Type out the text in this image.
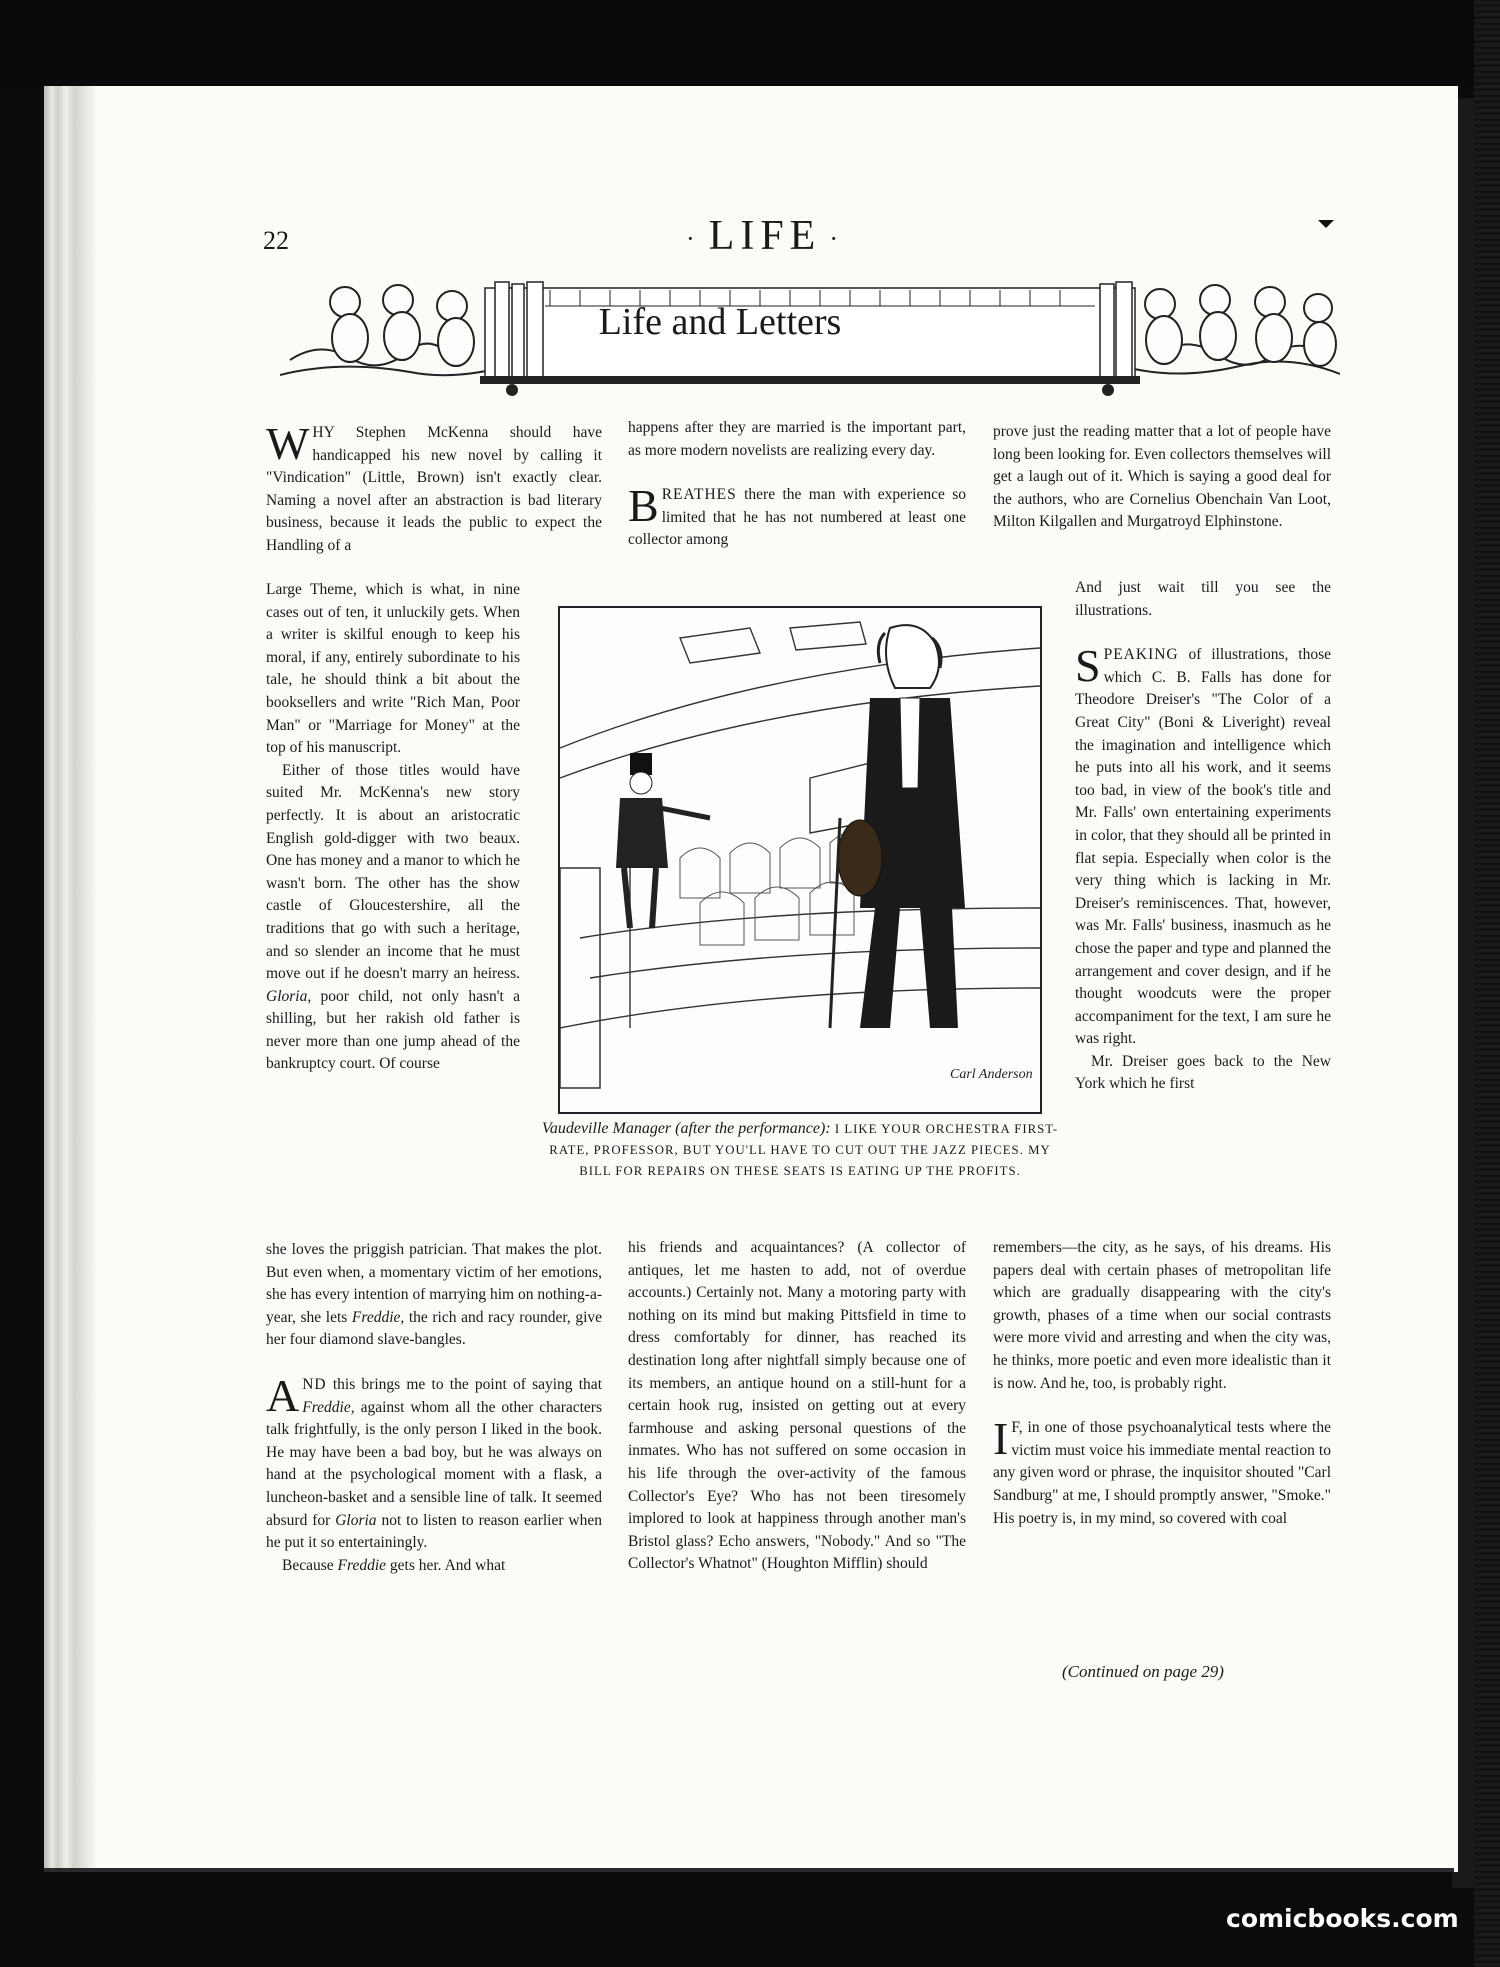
22	· LIFE ·
Life and Letters

WHY Stephen McKenna should have handicapped his new novel by calling it "Vindication" (Little, Brown) isn't exactly clear. Naming a novel after an abstraction is bad literary business, because it leads the public to expect the Handling of a

Large Theme, which is what, in nine cases out of ten, it unluckily gets. When a writer is skilful enough to keep his moral, if any, entirely subordinate to his tale, he should think a bit about the booksellers and write "Rich Man, Poor Man" or "Marriage for Money" at the top of his manuscript.

Either of those titles would have suited Mr. McKenna's new story perfectly. It is about an aristocratic English gold-digger with two beaux. One has money and a manor to which he wasn't born. The other has the show castle of Gloucestershire, all the traditions that go with such a heritage, and so slender an income that he must move out if he doesn't marry an heiress. Gloria, poor child, not only hasn't a shilling, but her rakish old father is never more than one jump ahead of the bankruptcy court. Of course

she loves the priggish patrician. That makes the plot. But even when, a momentary victim of her emotions, she has every intention of marrying him on nothing-a-year, she lets Freddie, the rich and racy rounder, give her four diamond slave-bangles.

AND this brings me to the point of saying that Freddie, against whom all the other characters talk frightfully, is the only person I liked in the book. He may have been a bad boy, but he was always on hand at the psychological moment with a flask, a luncheon-basket and a sensible line of talk. It seemed absurd for Gloria not to listen to reason earlier when he put it so entertainingly.

Because Freddie gets her. And what

happens after they are married is the important part, as more modern novelists are realizing every day.

BREATHES there the man with experience so limited that he has not numbered at least one collector among

his friends and acquaintances? (A collector of antiques, let me hasten to add, not of overdue accounts.) Certainly not. Many a motoring party with nothing on its mind but making Pittsfield in time to dress comfortably for dinner, has reached its destination long after nightfall simply because one of its members, an antique hound on a still-hunt for a certain hook rug, insisted on getting out at every farmhouse and asking personal questions of the inmates. Who has not suffered on some occasion in his life through the over-activity of the famous Collector's Eye? Who has not been tiresomely implored to look at happiness through another man's Bristol glass? Echo answers, "Nobody." And so "The Collector's Whatnot" (Houghton Mifflin) should

prove just the reading matter that a lot of people have long been looking for. Even collectors themselves will get a laugh out of it. Which is saying a good deal for the authors, who are Cornelius Obenchain Van Loot, Milton Kilgallen and Murgatroyd Elphinstone.

And just wait till you see the illustrations.

SPEAKING of illustrations, those which C. B. Falls has done for Theodore Dreiser's "The Color of a Great City" (Boni & Liveright) reveal the imagination and intelligence which he puts into all his work, and it seems too bad, in view of the book's title and Mr. Falls' own entertaining experiments in color, that they should all be printed in flat sepia. Especially when color is the very thing which is lacking in Mr. Dreiser's reminiscences. That, however, was Mr. Falls' business, inasmuch as he chose the paper and type and planned the arrangement and cover design, and if he thought woodcuts were the proper accompaniment for the text, I am sure he was right.

Mr. Dreiser goes back to the New York which he first

remembers—the city, as he says, of his dreams. His papers deal with certain phases of metropolitan life which are gradually disappearing with the city's growth, phases of a time when our social contrasts were more vivid and arresting and when the city was, he thinks, more poetic and even more idealistic than it is now. And he, too, is probably right.

I F, in one of those psychoanalytical tests where the victim must voice his immediate mental reaction to any given word or phrase, the inquisitor shouted "Carl Sandburg" at me, I should promptly answer, "Smoke." His poetry is, in my mind, so covered with coal

(Continued on page 29)
Carl Anderson
Vaudeville Manager (after the performance): I LIKE YOUR ORCHESTRA FIRST-RATE, PROFESSOR, BUT YOU'LL HAVE TO CUT OUT THE JAZZ PIECES. MY BILL FOR REPAIRS ON THESE SEATS IS EATING UP THE PROFITS.
comicbooks.com
